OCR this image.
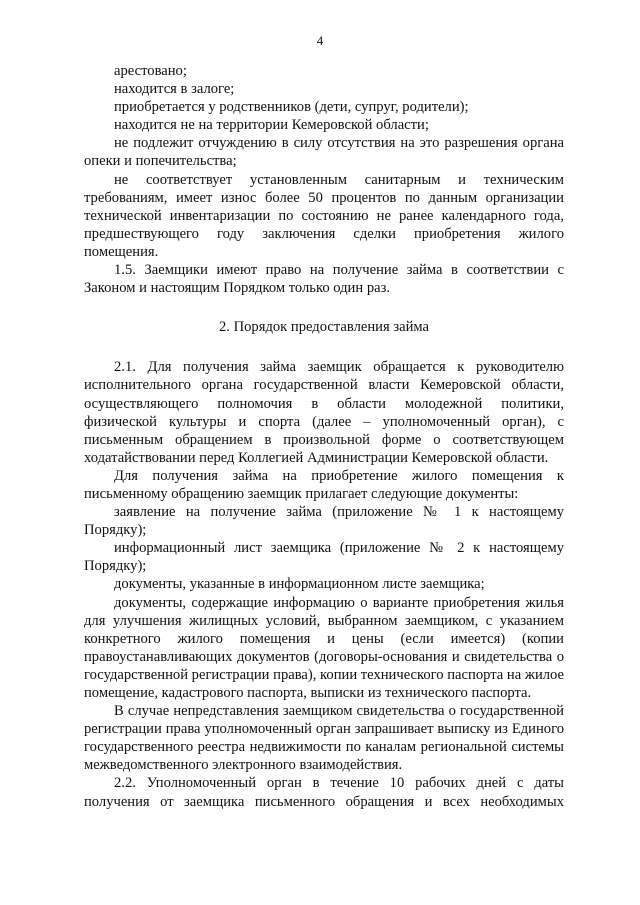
4

арестовано;

находится в залоге;

приобретается у родственников (дети, супруг, родители);

находится не на территории Кемеровской области;

не подлежит отчуждению в силу отсутствия на это разрешения органа опеки и попечительства;

не соответствует установленным санитарным и техническим требованиям, имеет износ более 50 процентов по данным организации технической инвентаризации по состоянию не ранее календарного года, предшествующего году заключения сделки приобретения жилого помещения.

1.5. Заемщики имеют право на получение займа в соответствии с Законом и настоящим Порядком только один раз.

2. Порядок предоставления займа

2.1. Для получения займа заемщик обращается к руководителю исполнительного органа государственной власти Кемеровской области, осуществляющего полномочия в области молодежной политики, физической культуры и спорта (далее – уполномоченный орган), с письменным обращением в произвольной форме о соответствующем ходатайствовании перед Коллегией Администрации Кемеровской области.

Для получения займа на приобретение жилого помещения к письменному обращению заемщик прилагает следующие документы:

заявление на получение займа (приложение № 1 к настоящему Порядку);

информационный лист заемщика (приложение № 2 к настоящему Порядку);

документы, указанные в информационном листе заемщика;

документы, содержащие информацию о варианте приобретения жилья для улучшения жилищных условий, выбранном заемщиком, с указанием конкретного жилого помещения и цены (если имеется) (копии правоустанавливающих документов (договоры-основания и свидетельства о государственной регистрации права), копии технического паспорта на жилое помещение, кадастрового паспорта, выписки из технического паспорта.

В случае непредставления заемщиком свидетельства о государственной регистрации права уполномоченный орган запрашивает выписку из Единого государственного реестра недвижимости по каналам региональной системы межведомственного электронного взаимодействия.

2.2. Уполномоченный орган в течение 10 рабочих дней с даты получения от заемщика письменного обращения и всех необходимых
